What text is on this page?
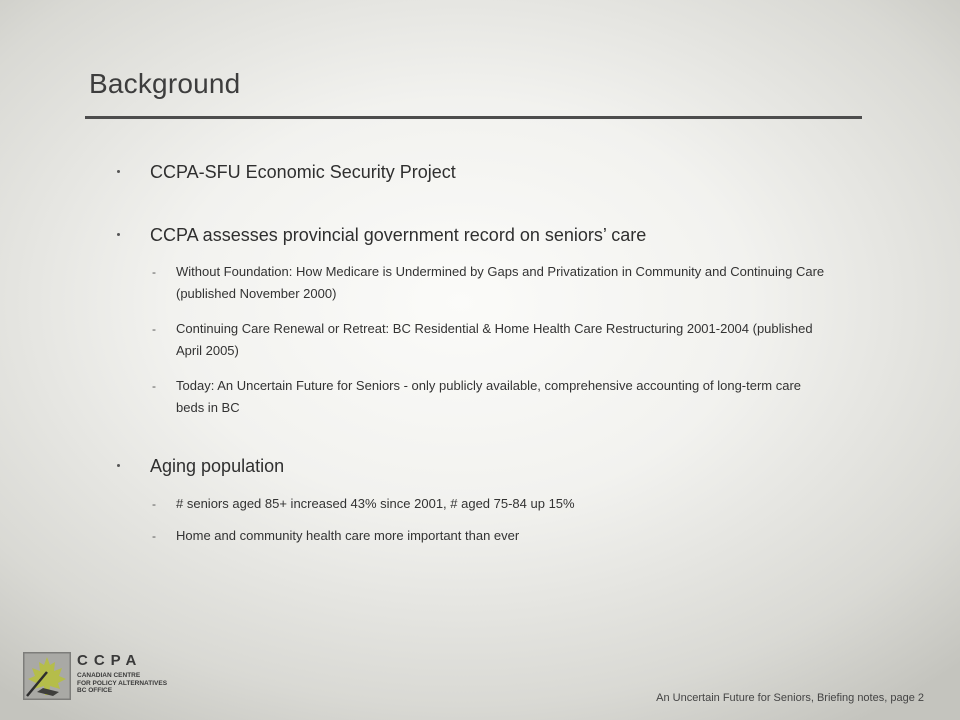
Background
CCPA-SFU Economic Security Project
CCPA assesses provincial government record on seniors’ care
- Without Foundation: How Medicare is Undermined by Gaps and Privatization in Community and Continuing Care (published November 2000)
- Continuing Care Renewal or Retreat: BC Residential & Home Health Care Restructuring 2001-2004 (published April 2005)
- Today: An Uncertain Future for Seniors - only publicly available, comprehensive accounting of long-term care beds in BC
Aging population
- # seniors aged 85+ increased 43% since 2001, # aged 75-84 up 15%
- Home and community health care more important than ever
CCPA
CANADIAN CENTRE
FOR POLICY ALTERNATIVES
BC OFFICE
An Uncertain Future for Seniors, Briefing notes, page 2
